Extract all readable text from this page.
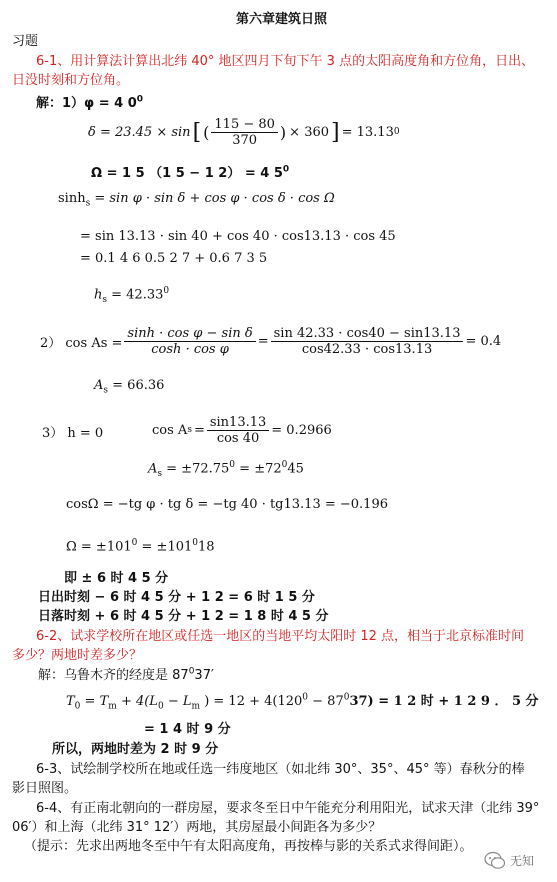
第六章建筑日照
习题
6-1、用计算法计算出北纬 40° 地区四月下旬下午 3 点的太阳高度角和方位角，日出、
日没时刻和方位角。
解：1）φ = 4 $0^0$
δ = 23.45 × sin [ ( $\frac{115 - 80}{370}$ ) × 360 ] = 13.13 0
Ω = 1 5 （1 5 − 1 2） = 4 $5^0$
$\sinh_s = \sin \varphi \cdot \sin \delta + \cos \varphi \cdot \cos \delta \cdot \cos \Omega$
= sin 13.13 · sin 40 + cos 40 · cos13.13 · cos 45
= 0.1 4 6 0.5 2 7 + 0.6 7 3 5
$h_s = 42.33^0$
2） $\cos As = \frac{\text{sinh · cos φ − sin δ}}{\text{cosh · cos φ}} = \frac{\sin 42.33 \cdot \cos 40 - \sin 13.13}{\cos 42.33 \cdot \cos 13.13} = 0.4$
$A_s = 66.36$
3） h = 0	cos A $s = \frac{\sin 13.13}{\cos 40} = 0.2966$
$A_s = \pm 72.75^0 = \pm 72^045$
cosΩ = −tg φ · tg δ = −tg 40 · tg13.13 = −0.196
$\Omega = \pm 101^0 = \pm 101^018$
即 ± 6 时 4 5 分
日出时刻 − 6 时 4 5 分 + 1 2 = 6 时 1 5 分
日落时刻 + 6 时 4 5 分 + 1 2 = 1 8 时 4 5 分
6-2、试求学校所在地区或任选一地区的当地平均太阳时 12 点，相当于北京标准时间
多少？两地时差多少？
解：乌鲁木齐的经度是 $87^037'$
$T_0 = T_m + 4(L_0 - L_m$ ) = $12 + 4(120^0 - 87^037) = 1$ 2 时 + 1 2 9 ． 5 分
= 1 4 时 9 分
所以，两地时差为 2 时 9 分
6-3、试绘制学校所在地或任选一纬度地区（如北纬 30°、35°、45° 等）春秋分的棒
影日照图。
6-4、有正南北朝向的一群房屋，要求冬至日中午能充分利用阳光，试求天津（北纬 39°
06′）和上海（北纬 31° 12′）两地，其房屋最小间距各为多少？
（提示：先求出两地冬至中午有太阳高度角，再按棒与影的关系式求得间距）。
无知
